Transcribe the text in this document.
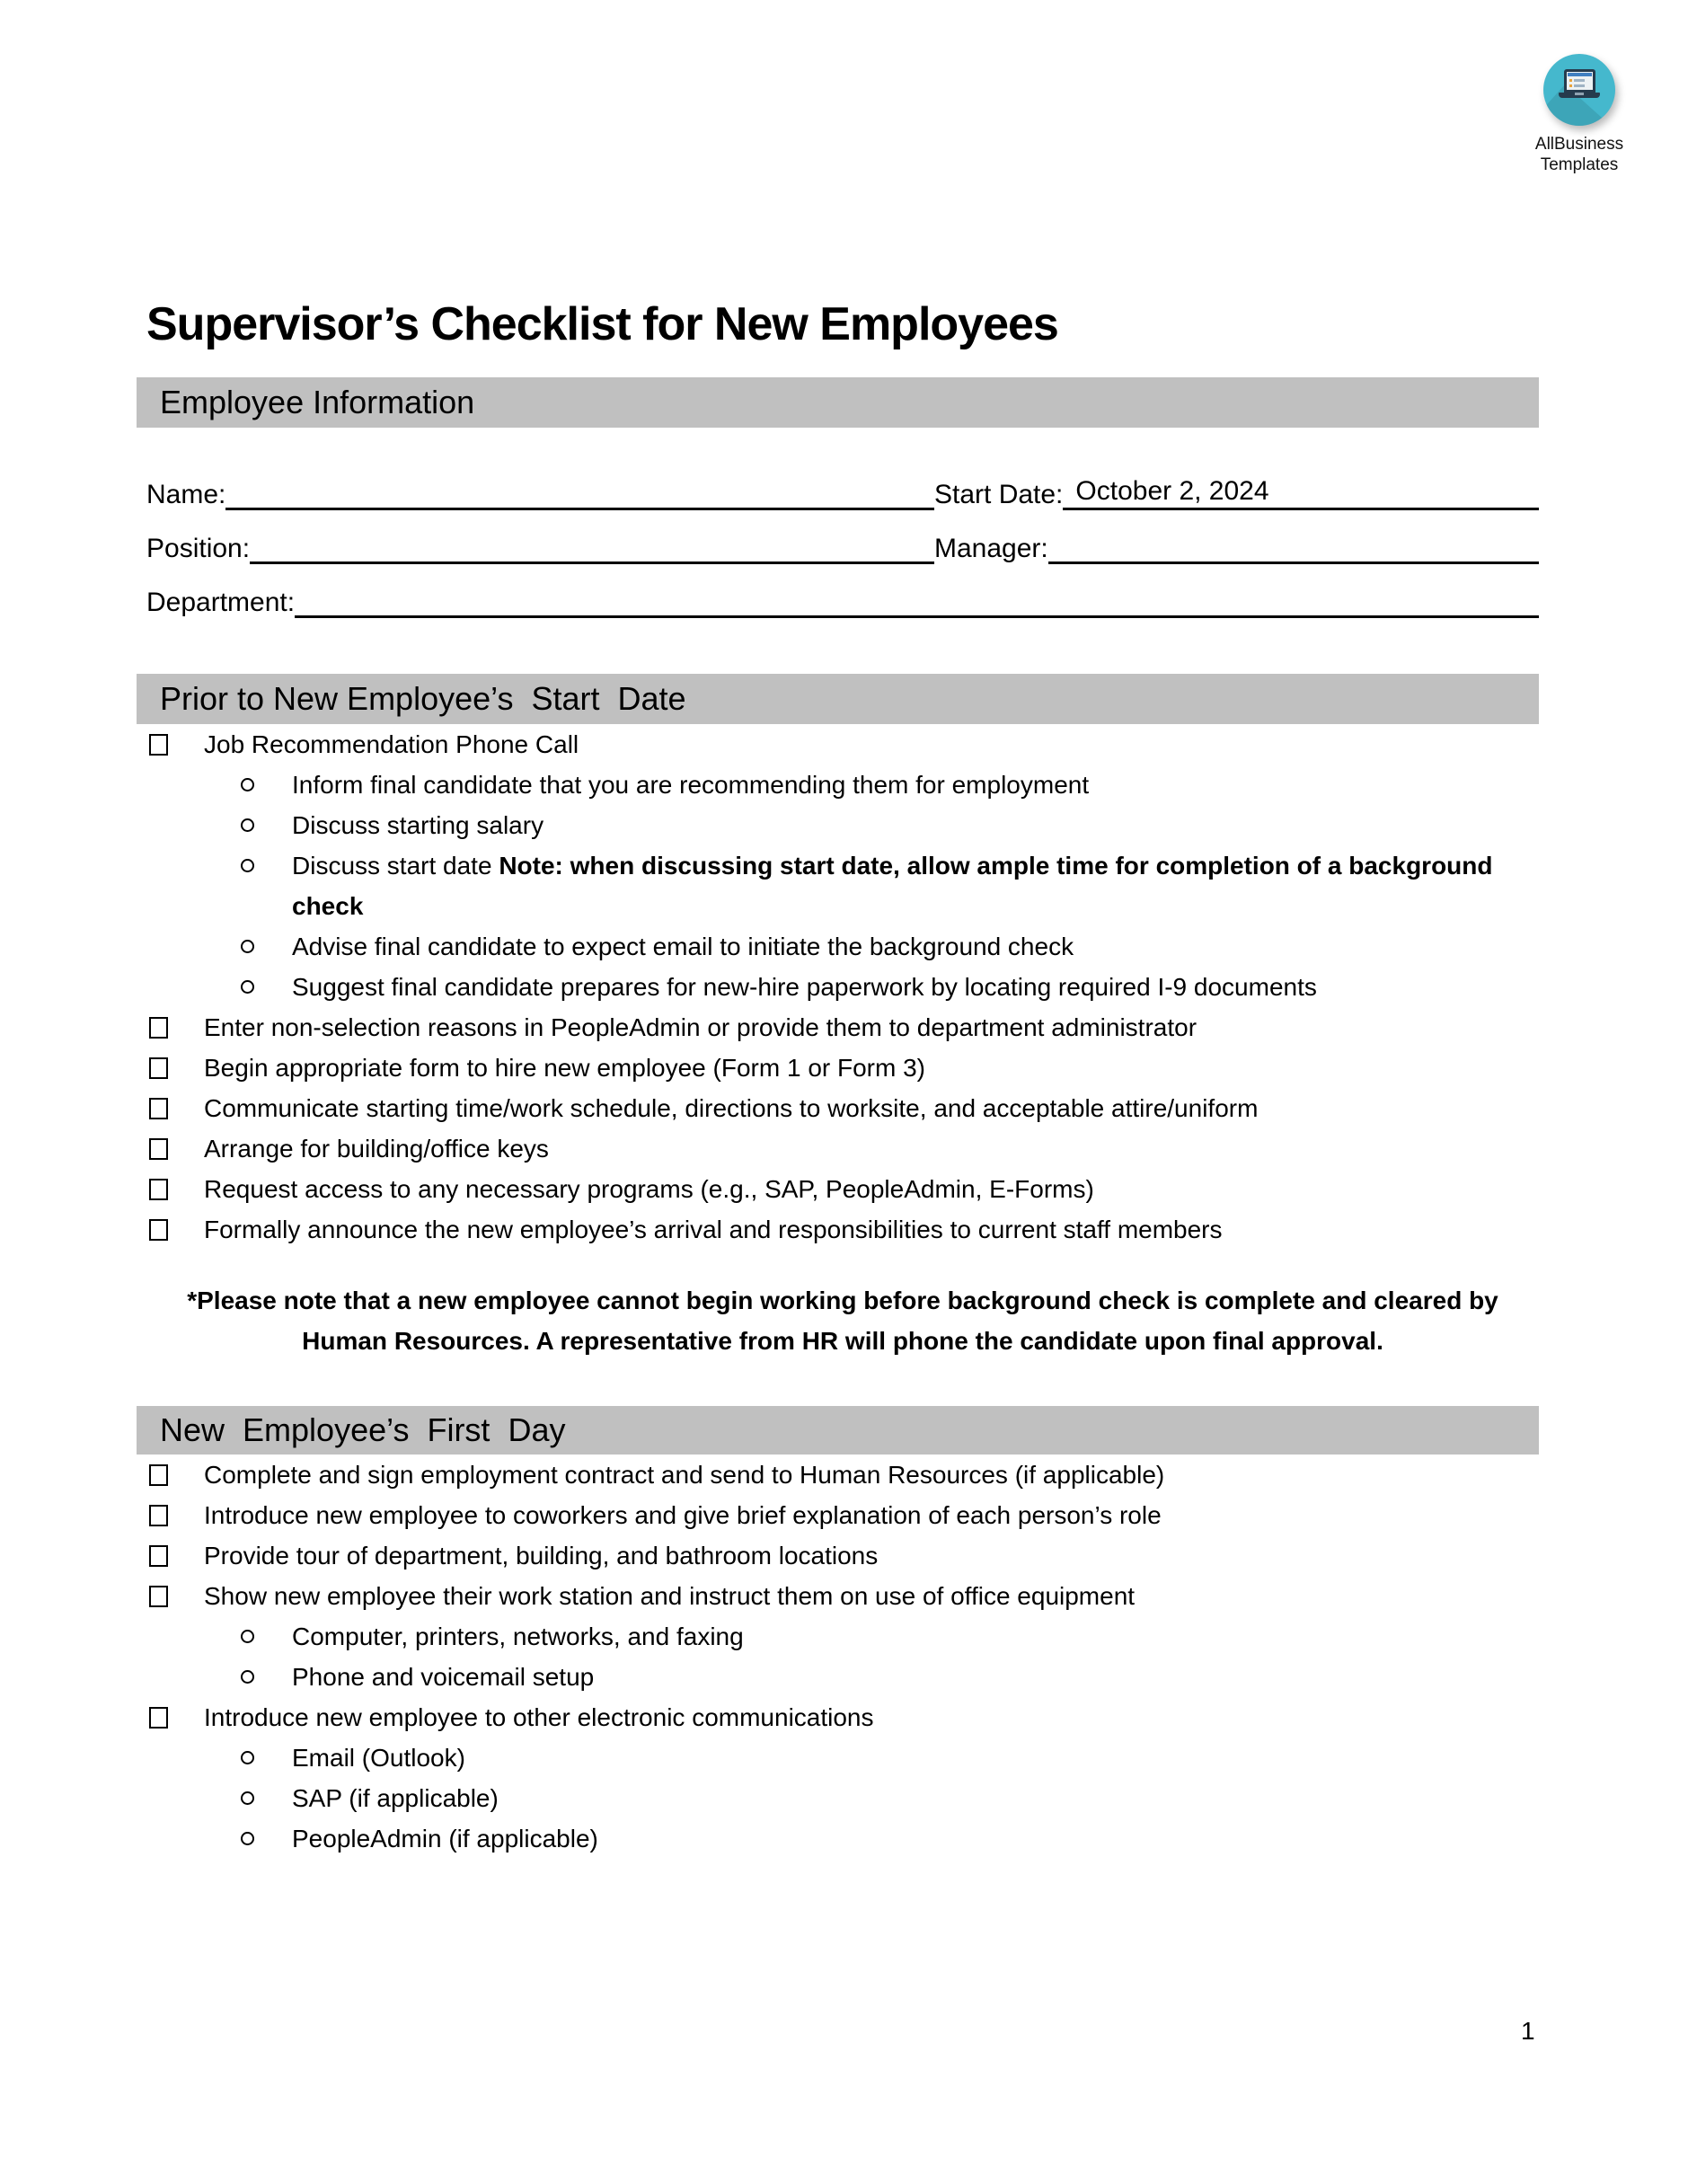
AllBusiness
Templates
Supervisor’s Checklist for New Employees
Employee Information
Name:	Start Date: October 2, 2024
Position:	Manager:
Department:
Prior to New Employee’s  Start  Date
Job Recommendation Phone Call
Inform final candidate that you are recommending them for employment
Discuss starting salary
Discuss start date Note: when discussing start date, allow ample time for completion of a background check
Advise final candidate to expect email to initiate the background check
Suggest final candidate prepares for new-hire paperwork by locating required I-9 documents
Enter non-selection reasons in PeopleAdmin or provide them to department administrator
Begin appropriate form to hire new employee (Form 1 or Form 3)
Communicate starting time/work schedule, directions to worksite, and acceptable attire/uniform
Arrange for building/office keys
Request access to any necessary programs (e.g., SAP, PeopleAdmin, E-Forms)
Formally announce the new employee’s arrival and responsibilities to current staff members
*Please note that a new employee cannot begin working before background check is complete and cleared by Human Resources. A representative from HR will phone the candidate upon final approval.
New  Employee’s  First  Day
Complete and sign employment contract and send to Human Resources (if applicable)
Introduce new employee to coworkers and give brief explanation of each person’s role
Provide tour of department, building, and bathroom locations
Show new employee their work station and instruct them on use of office equipment
Computer, printers, networks, and faxing
Phone and voicemail setup
Introduce new employee to other electronic communications
Email (Outlook)
SAP (if applicable)
PeopleAdmin (if applicable)
1
